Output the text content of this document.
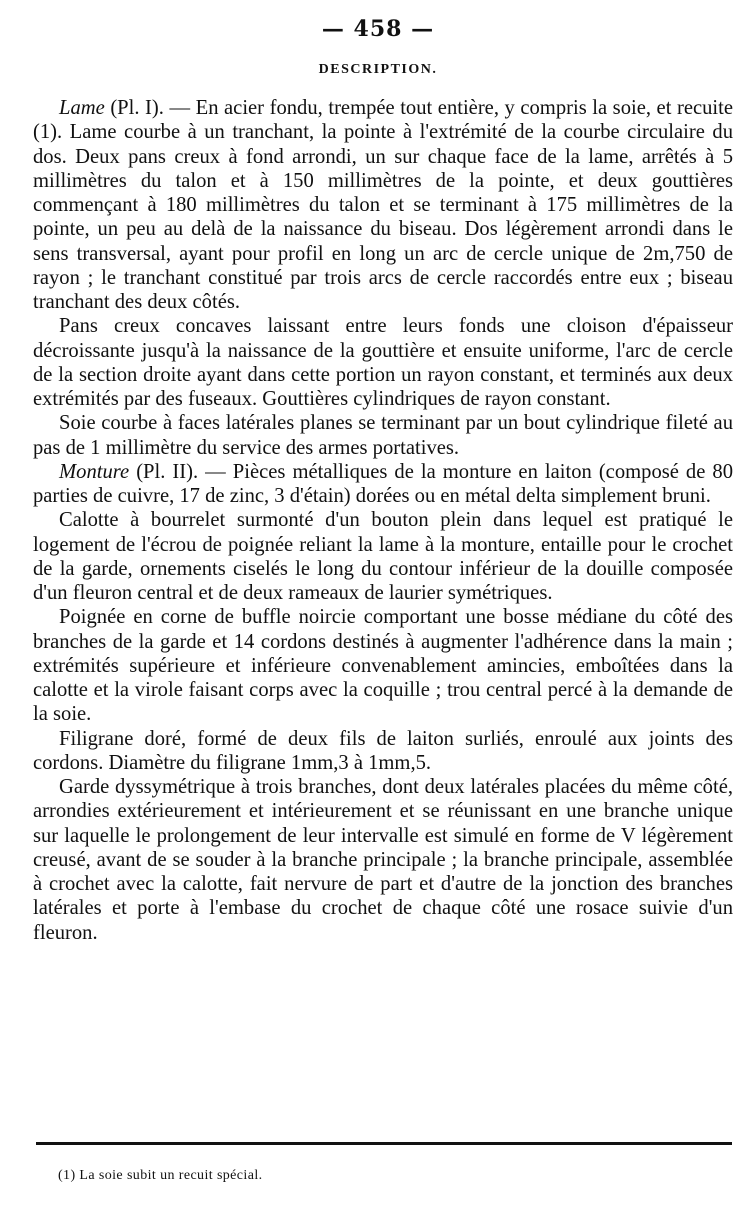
— 458 —
DESCRIPTION.

Lame (Pl. I). — En acier fondu, trempée tout entière, y compris la soie, et recuite (1). Lame courbe à un tranchant, la pointe à l'extrémité de la courbe circulaire du dos. Deux pans creux à fond arrondi, un sur chaque face de la lame, arrêtés à 5 millimètres du talon et à 150 millimètres de la pointe, et deux gouttières commençant à 180 millimètres du talon et se terminant à 175 millimètres de la pointe, un peu au delà de la naissance du biseau. Dos légèrement arrondi dans le sens transversal, ayant pour profil en long un arc de cercle unique de 2m,750 de rayon ; le tranchant constitué par trois arcs de cercle raccordés entre eux ; biseau tranchant des deux côtés.

Pans creux concaves laissant entre leurs fonds une cloison d'épaisseur décroissante jusqu'à la naissance de la gouttière et ensuite uniforme, l'arc de cercle de la section droite ayant dans cette portion un rayon constant, et terminés aux deux extrémités par des fuseaux. Gouttières cylindriques de rayon constant.

Soie courbe à faces latérales planes se terminant par un bout cylindrique fileté au pas de 1 millimètre du service des armes portatives.

Monture (Pl. II). — Pièces métalliques de la monture en laiton (composé de 80 parties de cuivre, 17 de zinc, 3 d'étain) dorées ou en métal delta simplement bruni.

Calotte à bourrelet surmonté d'un bouton plein dans lequel est pratiqué le logement de l'écrou de poignée reliant la lame à la monture, entaille pour le crochet de la garde, ornements ciselés le long du contour inférieur de la douille composée d'un fleuron central et de deux rameaux de laurier symétriques.

Poignée en corne de buffle noircie comportant une bosse médiane du côté des branches de la garde et 14 cordons destinés à augmenter l'adhérence dans la main ; extrémités supérieure et inférieure convenablement amincies, emboîtées dans la calotte et la virole faisant corps avec la coquille ; trou central percé à la demande de la soie.

Filigrane doré, formé de deux fils de laiton surliés, enroulé aux joints des cordons. Diamètre du filigrane 1mm,3 à 1mm,5.

Garde dyssymétrique à trois branches, dont deux latérales placées du même côté, arrondies extérieurement et intérieurement et se réunissant en une branche unique sur laquelle le prolongement de leur intervalle est simulé en forme de V légèrement creusé, avant de se souder à la branche principale ; la branche principale, assemblée à crochet avec la calotte, fait nervure de part et d'autre de la jonction des branches latérales et porte à l'embase du crochet de chaque côté une rosace suivie d'un fleuron.

(1) La soie subit un recuit spécial.
